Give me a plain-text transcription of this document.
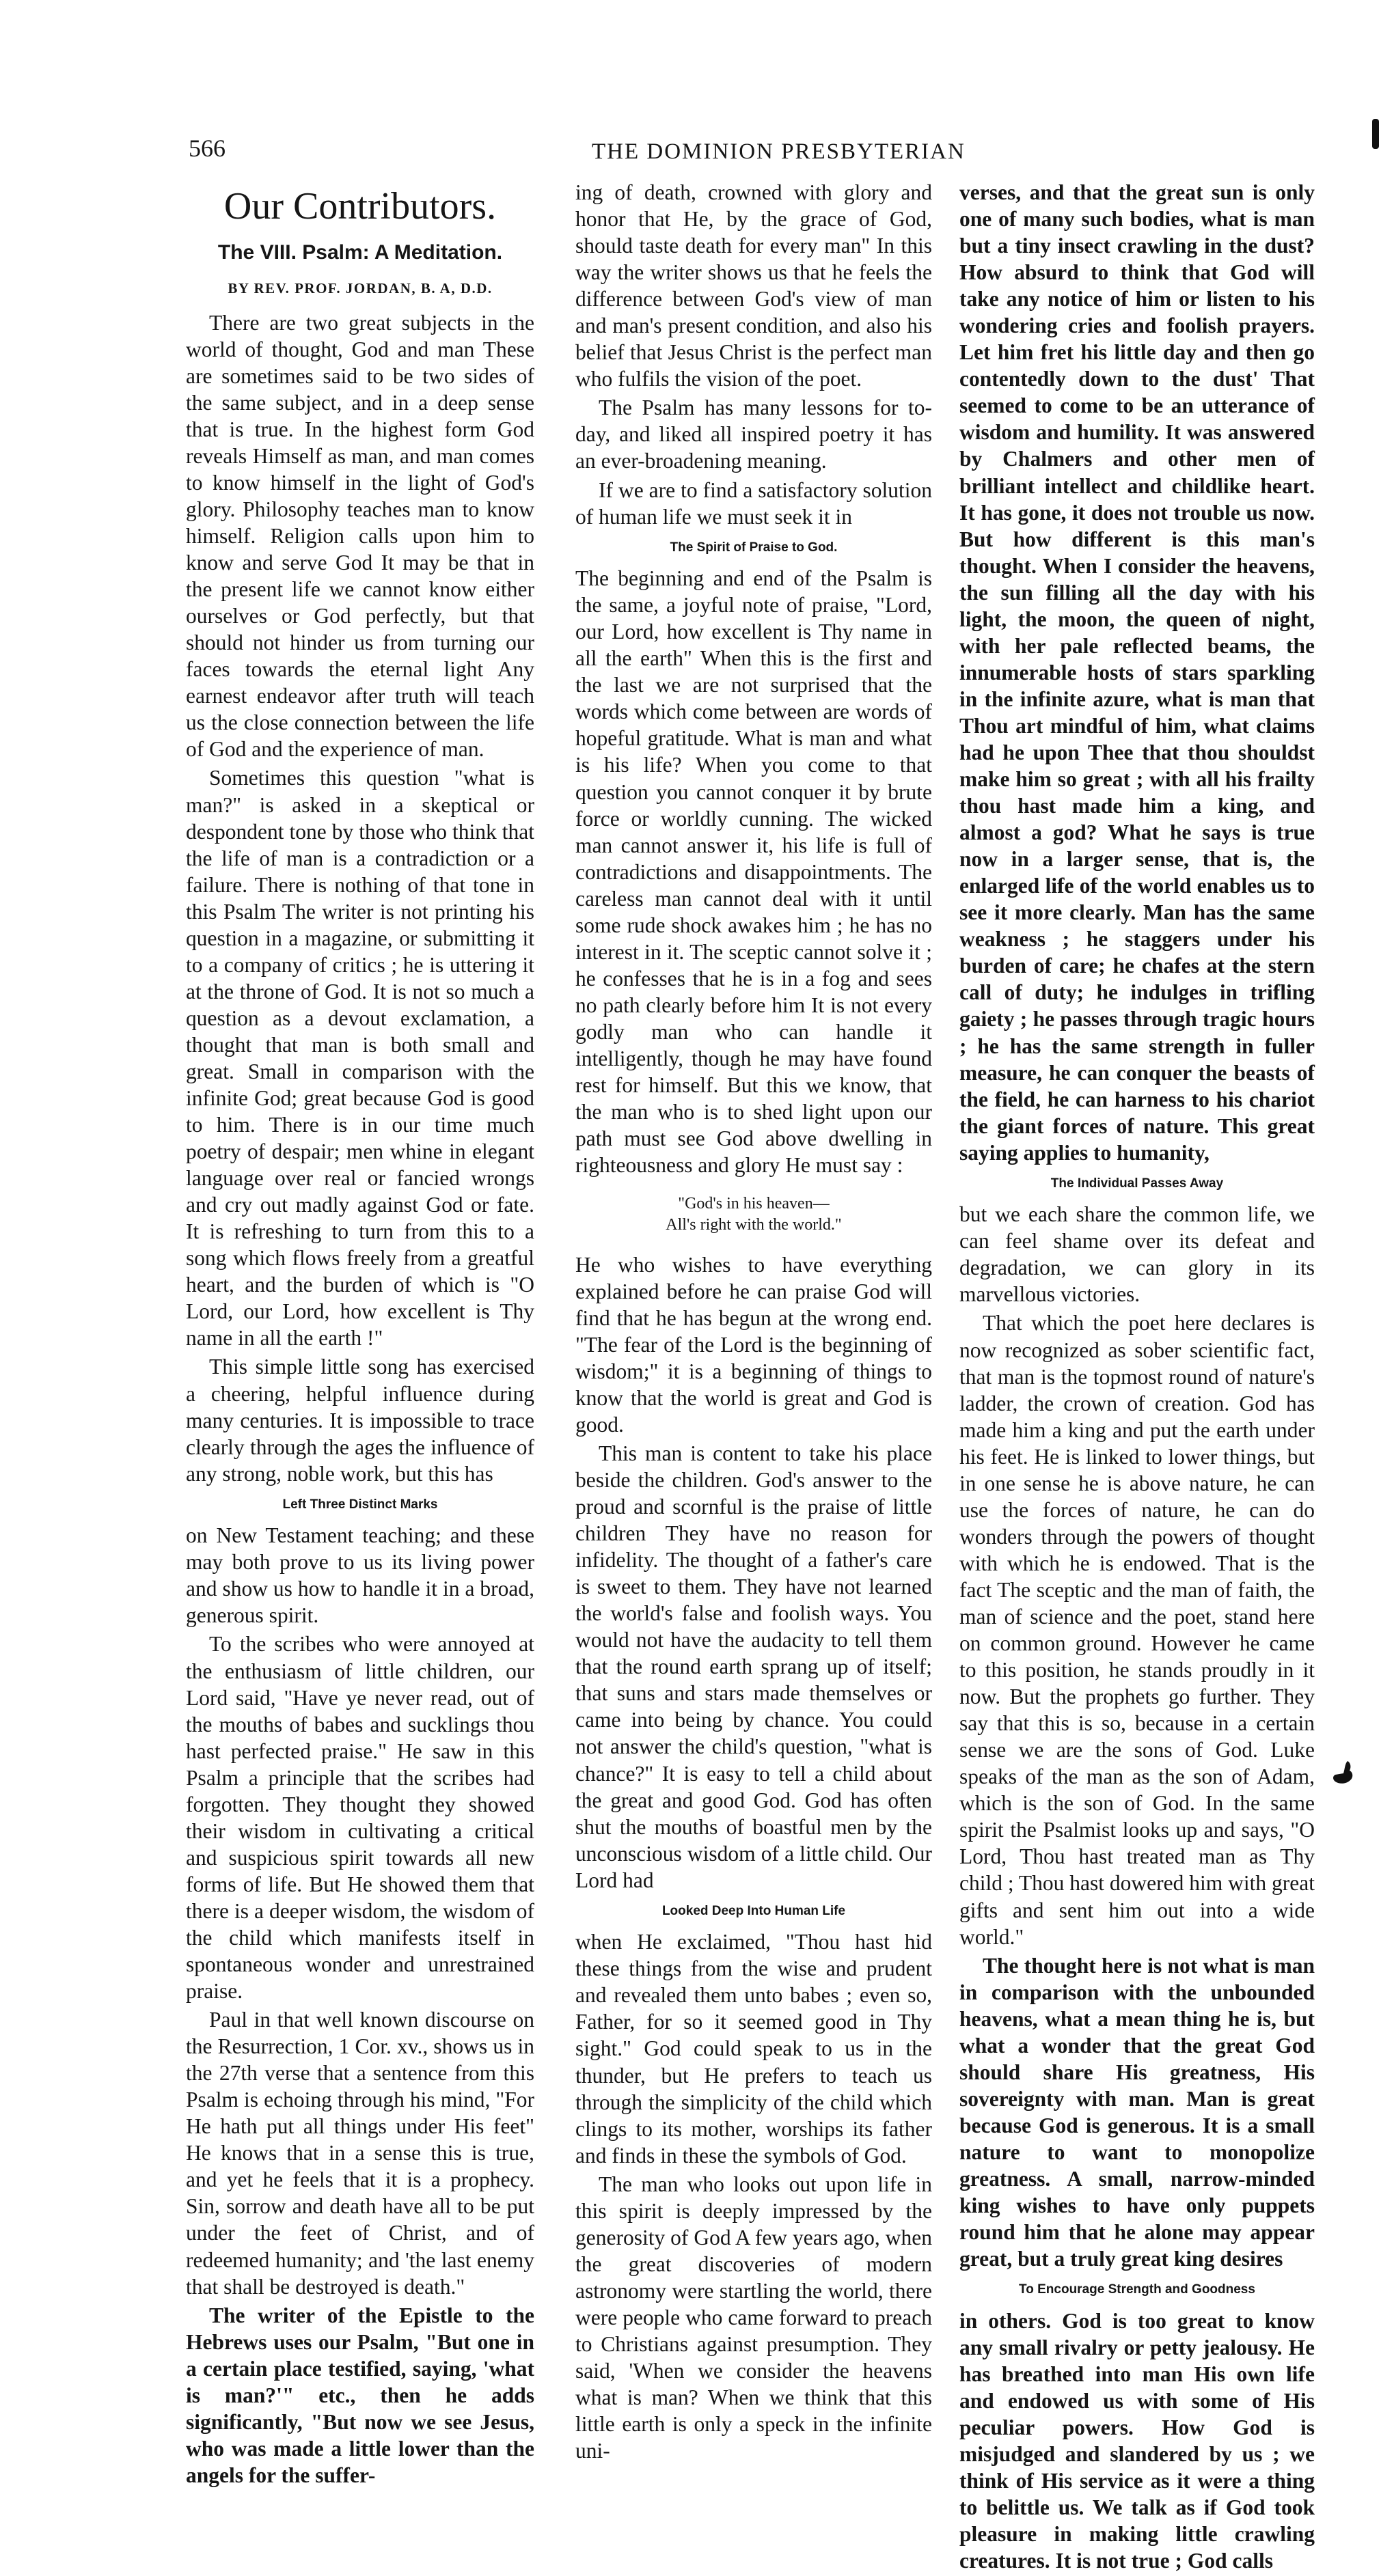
566	THE DOMINION PRESBYTERIAN
Our Contributors.
The VIII. Psalm: A Meditation.
BY REV. PROF. JORDAN, B. A, D.D.

There are two great subjects in the world of thought, God and man These are sometimes said to be two sides of the same subject, and in a deep sense that is true. In the highest form God reveals Himself as man, and man comes to know himself in the light of God's glory. Philosophy teaches man to know himself. Religion calls upon him to know and serve God It may be that in the present life we cannot know either ourselves or God perfectly, but that should not hinder us from turning our faces towards the eternal light Any earnest endeavor after truth will teach us the close connection between the life of God and the experience of man.

Sometimes this question "what is man?" is asked in a skeptical or despondent tone by those who think that the life of man is a contradiction or a failure. There is nothing of that tone in this Psalm The writer is not printing his question in a magazine, or submitting it to a company of critics ; he is uttering it at the throne of God. It is not so much a question as a devout exclamation, a thought that man is both small and great. Small in comparison with the infinite God; great because God is good to him. There is in our time much poetry of despair; men whine in elegant language over real or fancied wrongs and cry out madly against God or fate. It is refreshing to turn from this to a song which flows freely from a greatful heart, and the burden of which is "O Lord, our Lord, how excellent is Thy name in all the earth !"

This simple little song has exercised a cheering, helpful influence during many centuries. It is impossible to trace clearly through the ages the influence of any strong, noble work, but this has

Left Three Distinct Marks

on New Testament teaching; and these may both prove to us its living power and show us how to handle it in a broad, generous spirit.

To the scribes who were annoyed at the enthusiasm of little children, our Lord said, "Have ye never read, out of the mouths of babes and sucklings thou hast perfected praise." He saw in this Psalm a principle that the scribes had forgotten. They thought they showed their wisdom in cultivating a critical and suspicious spirit towards all new forms of life. But He showed them that there is a deeper wisdom, the wisdom of the child which manifests itself in spontaneous wonder and unrestrained praise.

Paul in that well known discourse on the Resurrection, 1 Cor. xv., shows us in the 27th verse that a sentence from this Psalm is echoing through his mind, "For He hath put all things under His feet" He knows that in a sense this is true, and yet he feels that it is a prophecy. Sin, sorrow and death have all to be put under the feet of Christ, and of redeemed humanity; and 'the last enemy that shall be destroyed is death."

The writer of the Epistle to the Hebrews uses our Psalm, "But one in a certain place testified, saying, 'what is man?'" etc., then he adds significantly, "But now we see Jesus, who was made a little lower than the angels for the suffer-

ing of death, crowned with glory and honor that He, by the grace of God, should taste death for every man" In this way the writer shows us that he feels the difference between God's view of man and man's present condition, and also his belief that Jesus Christ is the perfect man who fulfils the vision of the poet.

The Psalm has many lessons for to-day, and liked all inspired poetry it has an ever-broadening meaning.

If we are to find a satisfactory solution of human life we must seek it in

The Spirit of Praise to God.

The beginning and end of the Psalm is the same, a joyful note of praise, "Lord, our Lord, how excellent is Thy name in all the earth" When this is the first and the last we are not surprised that the words which come between are words of hopeful gratitude. What is man and what is his life? When you come to that question you cannot conquer it by brute force or worldly cunning. The wicked man cannot answer it, his life is full of contradictions and disappointments. The careless man cannot deal with it until some rude shock awakes him ; he has no interest in it. The sceptic cannot solve it ; he confesses that he is in a fog and sees no path clearly before him It is not every godly man who can handle it intelligently, though he may have found rest for himself. But this we know, that the man who is to shed light upon our path must see God above dwelling in righteousness and glory He must say :

"God's in his heaven—
All's right with the world."

He who wishes to have everything explained before he can praise God will find that he has begun at the wrong end. "The fear of the Lord is the beginning of wisdom;" it is a beginning of things to know that the world is great and God is good.

This man is content to take his place beside the children. God's answer to the proud and scornful is the praise of little children They have no reason for infidelity. The thought of a father's care is sweet to them. They have not learned the world's false and foolish ways. You would not have the audacity to tell them that the round earth sprang up of itself; that suns and stars made themselves or came into being by chance. You could not answer the child's question, "what is chance?" It is easy to tell a child about the great and good God. God has often shut the mouths of boastful men by the unconscious wisdom of a little child. Our Lord had

Looked Deep Into Human Life

when He exclaimed, "Thou hast hid these things from the wise and prudent and revealed them unto babes ; even so, Father, for so it seemed good in Thy sight." God could speak to us in the thunder, but He prefers to teach us through the simplicity of the child which clings to its mother, worships its father and finds in these the symbols of God.

The man who looks out upon life in this spirit is deeply impressed by the generosity of God A few years ago, when the great discoveries of modern astronomy were startling the world, there were people who came forward to preach to Christians against presumption. They said, 'When we consider the heavens what is man? When we think that this little earth is only a speck in the infinite uni-

verses, and that the great sun is only one of many such bodies, what is man but a tiny insect crawling in the dust? How absurd to think that God will take any notice of him or listen to his wondering cries and foolish prayers. Let him fret his little day and then go contentedly down to the dust' That seemed to come to be an utterance of wisdom and humility. It was answered by Chalmers and other men of brilliant intellect and childlike heart. It has gone, it does not trouble us now. But how different is this man's thought. When I consider the heavens, the sun filling all the day with his light, the moon, the queen of night, with her pale reflected beams, the innumerable hosts of stars sparkling in the infinite azure, what is man that Thou art mindful of him, what claims had he upon Thee that thou shouldst make him so great ; with all his frailty thou hast made him a king, and almost a god? What he says is true now in a larger sense, that is, the enlarged life of the world enables us to see it more clearly. Man has the same weakness ; he staggers under his burden of care; he chafes at the stern call of duty; he indulges in trifling gaiety ; he passes through tragic hours ; he has the same strength in fuller measure, he can conquer the beasts of the field, he can harness to his chariot the giant forces of nature. This great saying applies to humanity,

The Individual Passes Away

but we each share the common life, we can feel shame over its defeat and degradation, we can glory in its marvellous victories.

That which the poet here declares is now recognized as sober scientific fact, that man is the topmost round of nature's ladder, the crown of creation. God has made him a king and put the earth under his feet. He is linked to lower things, but in one sense he is above nature, he can use the forces of nature, he can do wonders through the powers of thought with which he is endowed. That is the fact The sceptic and the man of faith, the man of science and the poet, stand here on common ground. However he came to this position, he stands proudly in it now. But the prophets go further. They say that this is so, because in a certain sense we are the sons of God. Luke speaks of the man as the son of Adam, which is the son of God. In the same spirit the Psalmist looks up and says, "O Lord, Thou hast treated man as Thy child ; Thou hast dowered him with great gifts and sent him out into a wide world."

The thought here is not what is man in comparison with the unbounded heavens, what a mean thing he is, but what a wonder that the great God should share His greatness, His sovereignty with man. Man is great because God is generous. It is a small nature to want to monopolize greatness. A small, narrow-minded king wishes to have only puppets round him that he alone may appear great, but a truly great king desires

To Encourage Strength and Goodness

in others. God is too great to know any small rivalry or petty jealousy. He has breathed into man His own life and endowed us with some of His peculiar powers. How God is misjudged and slandered by us ; we think of His service as it were a thing to belittle us. We talk as if God took pleasure in making little crawling creatures. It is not true ; God calls
